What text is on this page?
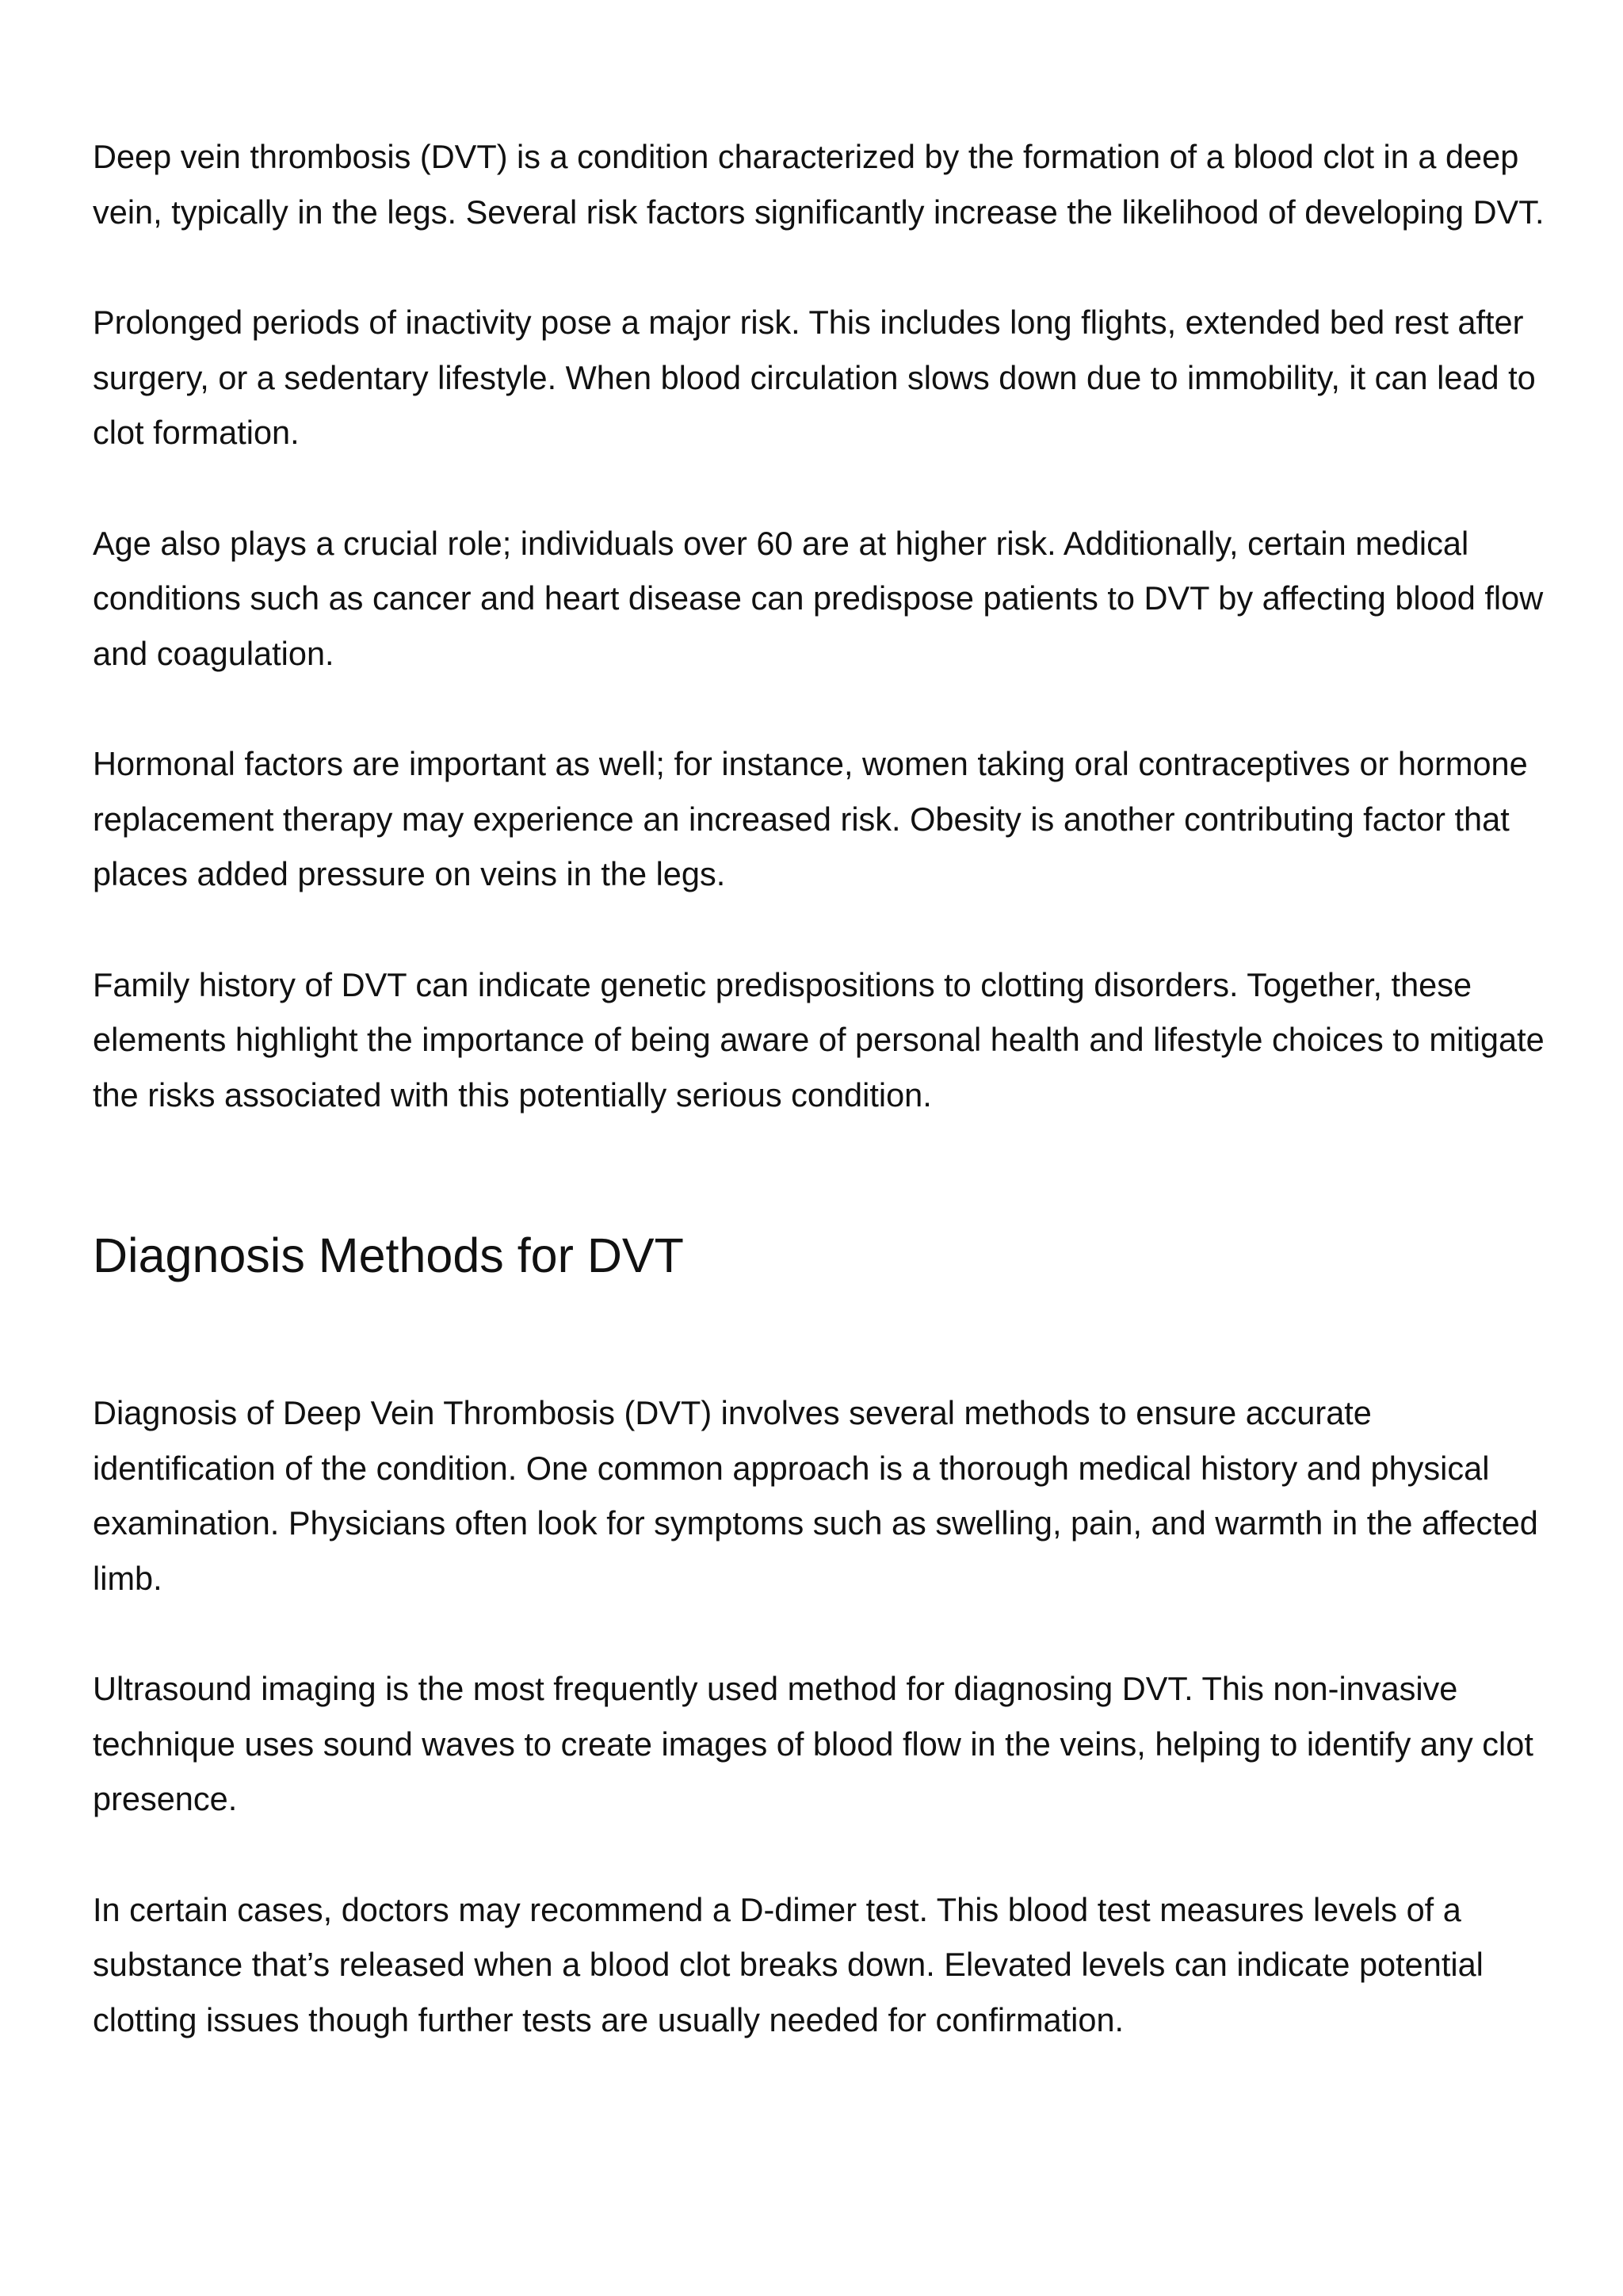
Deep vein thrombosis (DVT) is a condition characterized by the formation of a blood clot in a deep vein, typically in the legs. Several risk factors significantly increase the likelihood of developing DVT.

Prolonged periods of inactivity pose a major risk. This includes long flights, extended bed rest after surgery, or a sedentary lifestyle. When blood circulation slows down due to immobility, it can lead to clot formation.

Age also plays a crucial role; individuals over 60 are at higher risk. Additionally, certain medical conditions such as cancer and heart disease can predispose patients to DVT by affecting blood flow and coagulation.

Hormonal factors are important as well; for instance, women taking oral contraceptives or hormone replacement therapy may experience an increased risk. Obesity is another contributing factor that places added pressure on veins in the legs.

Family history of DVT can indicate genetic predispositions to clotting disorders. Together, these elements highlight the importance of being aware of personal health and lifestyle choices to mitigate the risks associated with this potentially serious condition.

Diagnosis Methods for DVT

Diagnosis of Deep Vein Thrombosis (DVT) involves several methods to ensure accurate identification of the condition. One common approach is a thorough medical history and physical examination. Physicians often look for symptoms such as swelling, pain, and warmth in the affected limb.

Ultrasound imaging is the most frequently used method for diagnosing DVT. This non-invasive technique uses sound waves to create images of blood flow in the veins, helping to identify any clot presence.

In certain cases, doctors may recommend a D-dimer test. This blood test measures levels of a substance that’s released when a blood clot breaks down. Elevated levels can indicate potential clotting issues though further tests are usually needed for confirmation.
